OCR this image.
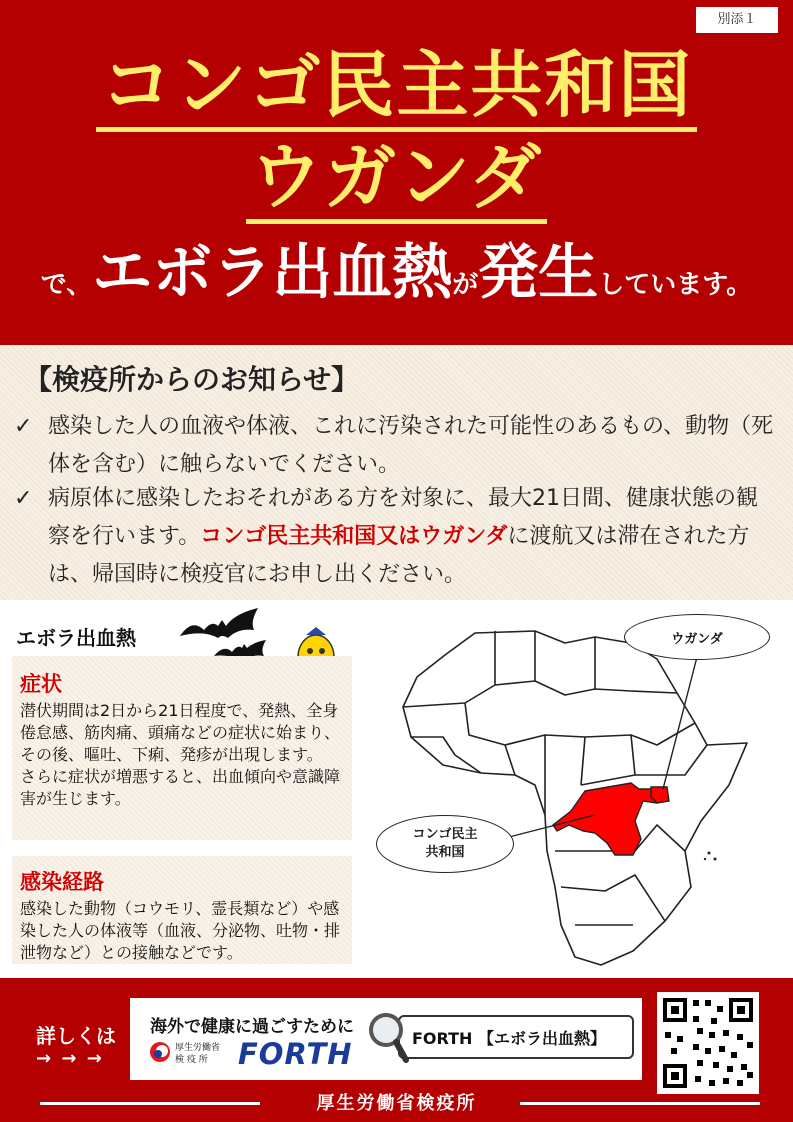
別添１
コンゴ民主共和国
ウガンダ
で、エボラ出血熱が発生しています。
【検疫所からのお知らせ】
✓ 感染した人の血液や体液、これに汚染された可能性のあるもの、動物（死体を含む）に触らないでください。
✓ 病原体に感染したおそれがある方を対象に、最大21日間、健康状態の観察を行います。コンゴ民主共和国又はウガンダに渡航又は滞在された方は、帰国時に検疫官にお申し出ください。
エボラ出血熱
症状
潜伏期間は2日から21日程度で、発熱、全身倦怠感、筋肉痛、頭痛などの症状に始まり、その後、嘔吐、下痢、発疹が出現します。
さらに症状が増悪すると、出血傾向や意識障害が生じます。
感染経路
感染した動物（コウモリ、霊長類など）や感染した人の体液等（血液、分泌物、吐物・排泄物など）との接触などです。
ウガンダ
コンゴ民主
共和国
詳しくは
→ → →
海外で健康に過ごすために
厚生労働省
検 疫 所	FORTH	FORTH 【エボラ出血熱】
厚生労働省検疫所
